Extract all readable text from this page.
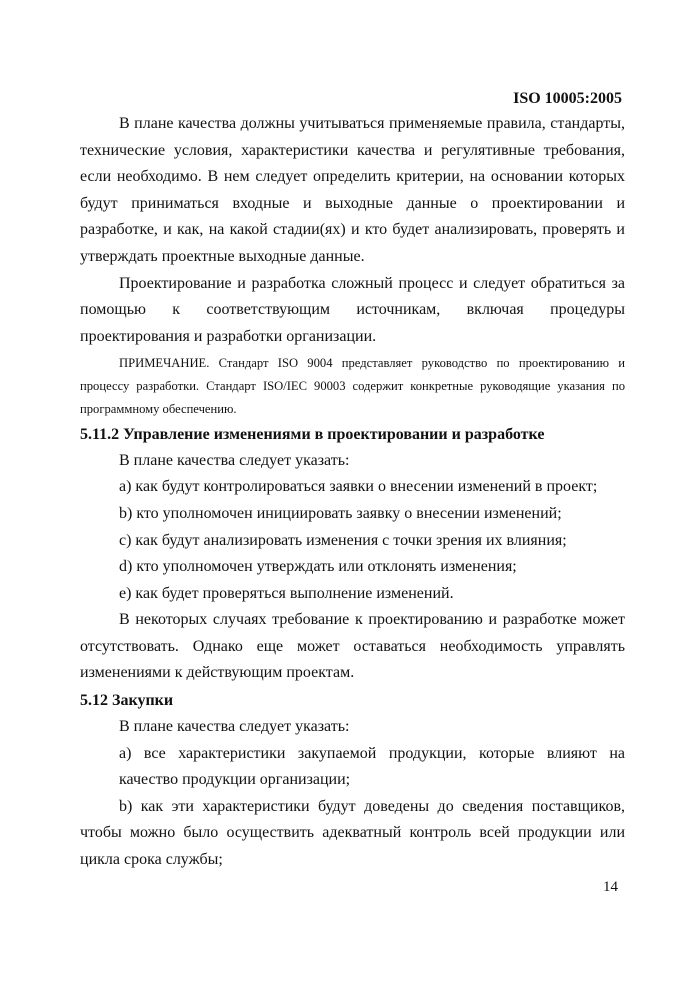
ISO 10005:2005

В плане качества должны учитываться применяемые правила, стандарты, технические условия, характеристики качества и регулятивные требования, если необходимо. В нем следует определить критерии, на основании которых будут приниматься входные и выходные данные о проектировании и разработке, и как, на какой стадии(ях) и кто будет анализировать, проверять и утверждать проектные выходные данные.

Проектирование и разработка сложный процесс и следует обратиться за помощью к соответствующим источникам, включая процедуры проектирования и разработки организации.

ПРИМЕЧАНИЕ. Стандарт ISO 9004 представляет руководство по проектированию и процессу разработки. Стандарт ISO/IEC 90003 содержит конкретные руководящие указания по программному обеспечению.

5.11.2 Управление изменениями в проектировании и разработке

В плане качества следует указать:

a) как будут контролироваться заявки о внесении изменений в проект;

b) кто уполномочен инициировать заявку о внесении изменений;

c) как будут анализировать изменения с точки зрения их влияния;

d) кто уполномочен утверждать или отклонять изменения;

e) как будет проверяться выполнение изменений.

В некоторых случаях требование к проектированию и разработке может отсутствовать. Однако еще может оставаться необходимость управлять изменениями к действующим проектам.

5.12 Закупки

В плане качества следует указать:

a) все характеристики закупаемой продукции, которые влияют на качество продукции организации;

b) как эти характеристики будут доведены до сведения поставщиков, чтобы можно было осуществить адекватный контроль всей продукции или цикла срока службы;

14
